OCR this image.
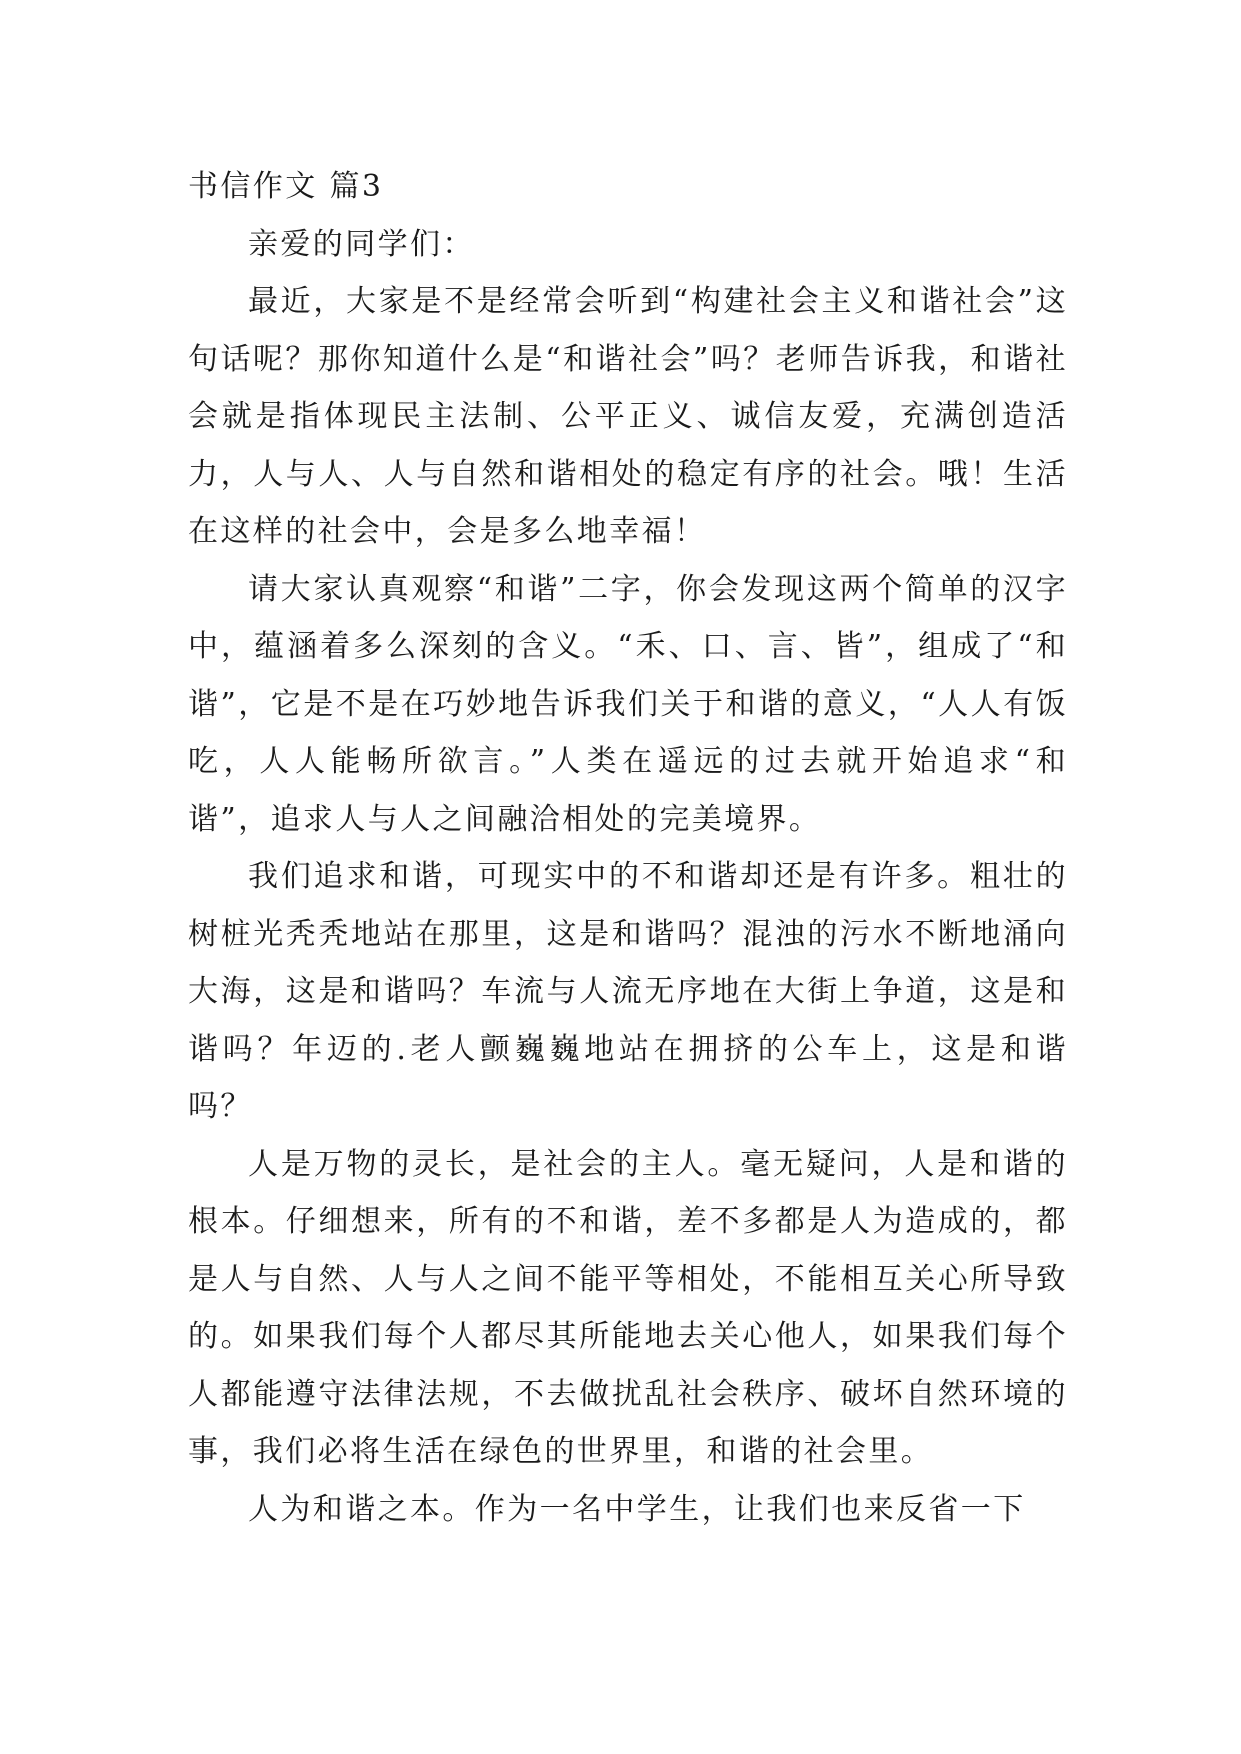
书信作文 篇3

亲爱的同学们：

最近，大家是不是经常会听到“构建社会主义和谐社会”这句话呢？那你知道什么是“和谐社会”吗？老师告诉我，和谐社会就是指体现民主法制、公平正义、诚信友爱，充满创造活力，人与人、人与自然和谐相处的稳定有序的社会。哦！生活在这样的社会中，会是多么地幸福！

请大家认真观察“和谐”二字，你会发现这两个简单的汉字中，蕴涵着多么深刻的含义。“禾、口、言、皆”，组成了“和谐”，它是不是在巧妙地告诉我们关于和谐的意义，“人人有饭吃，人人能畅所欲言。”人类在遥远的过去就开始追求“和谐”，追求人与人之间融洽相处的完美境界。

我们追求和谐，可现实中的不和谐却还是有许多。粗壮的树桩光秃秃地站在那里，这是和谐吗？混浊的污水不断地涌向大海，这是和谐吗？车流与人流无序地在大街上争道，这是和谐吗？年迈的.老人颤巍巍地站在拥挤的公车上，这是和谐吗？

人是万物的灵长，是社会的主人。毫无疑问，人是和谐的根本。仔细想来，所有的不和谐，差不多都是人为造成的，都是人与自然、人与人之间不能平等相处，不能相互关心所导致的。如果我们每个人都尽其所能地去关心他人，如果我们每个人都能遵守法律法规，不去做扰乱社会秩序、破坏自然环境的事，我们必将生活在绿色的世界里，和谐的社会里。

人为和谐之本。作为一名中学生，让我们也来反省一下
